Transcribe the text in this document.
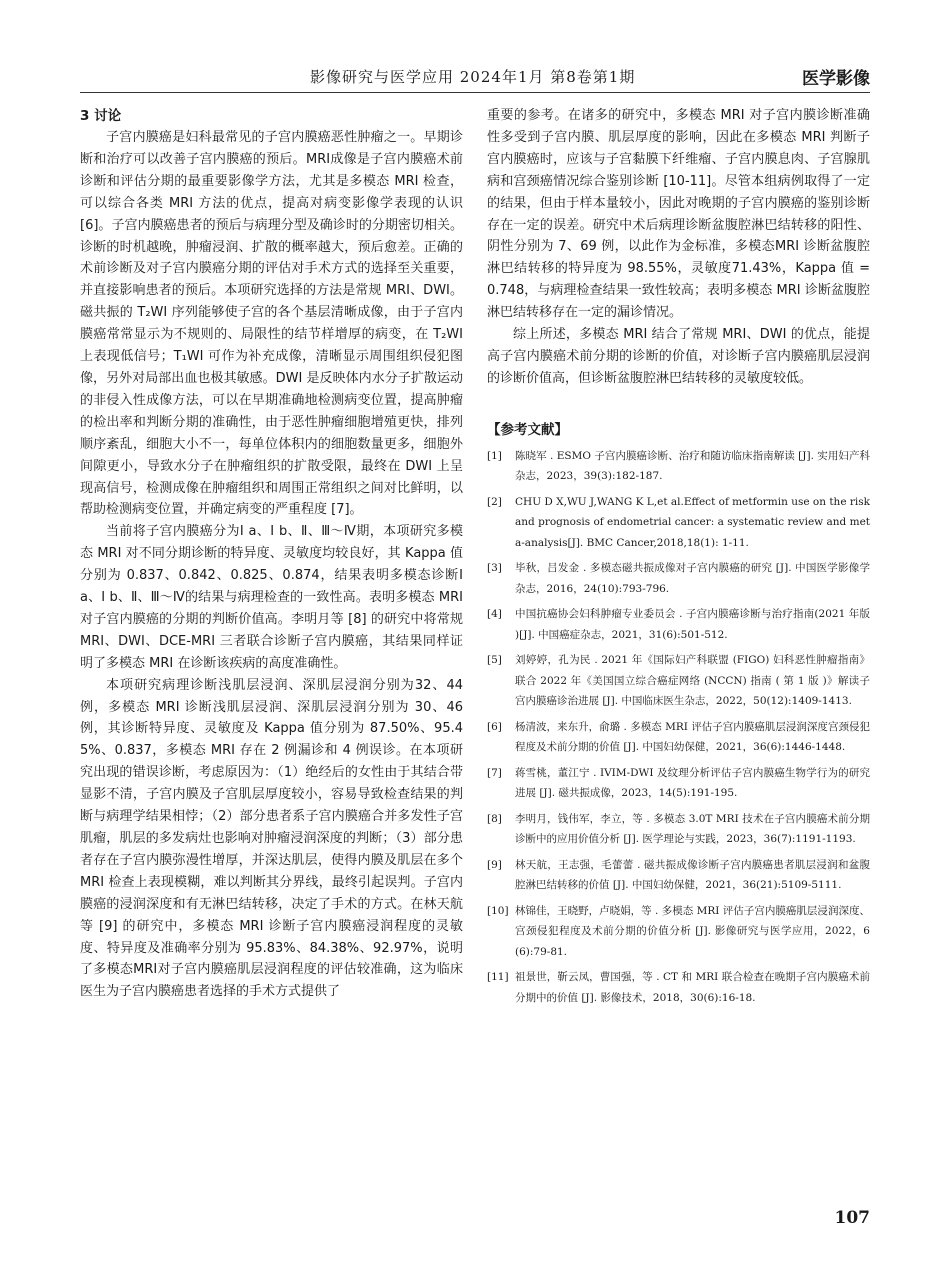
影像研究与医学应用 2024年1月 第8卷第1期	医学影像

3 讨论

子宫内膜癌是妇科最常见的子宫内膜癌恶性肿瘤之一。早期诊断和治疗可以改善子宫内膜癌的预后。MRI成像是子宫内膜癌术前诊断和评估分期的最重要影像学方法，尤其是多模态 MRI 检查，可以综合各类 MRI 方法的优点，提高对病变影像学表现的认识 [6]。子宫内膜癌患者的预后与病理分型及确诊时的分期密切相关。诊断的时机越晚，肿瘤浸润、扩散的概率越大，预后愈差。正确的术前诊断及对子宫内膜癌分期的评估对手术方式的选择至关重要，并直接影响患者的预后。本项研究选择的方法是常规 MRI、DWI。磁共振的 T₂WI 序列能够使子宫的各个基层清晰成像，由于子宫内膜癌常常显示为不规则的、局限性的结节样增厚的病变，在 T₂WI 上表现低信号；T₁WI 可作为补充成像，清晰显示周围组织侵犯图像，另外对局部出血也极其敏感。DWI 是反映体内水分子扩散运动的非侵入性成像方法，可以在早期准确地检测病变位置，提高肿瘤的检出率和判断分期的准确性，由于恶性肿瘤细胞增殖更快，排列顺序紊乱，细胞大小不一，每单位体积内的细胞数量更多，细胞外间隙更小，导致水分子在肿瘤组织的扩散受限，最终在 DWI 上呈现高信号，检测成像在肿瘤组织和周围正常组织之间对比鲜明，以帮助检测病变位置，并确定病变的严重程度 [7]。

当前将子宫内膜癌分为Ⅰ a、Ⅰ b、Ⅱ、Ⅲ～Ⅳ期，本项研究多模态 MRI 对不同分期诊断的特异度、灵敏度均较良好，其 Kappa 值分别为 0.837、0.842、0.825、0.874，结果表明多模态诊断Ⅰ a、Ⅰ b、Ⅱ、Ⅲ～Ⅳ的结果与病理检查的一致性高。表明多模态 MRI 对子宫内膜癌的分期的判断价值高。李明月等 [8] 的研究中将常规MRI、DWI、DCE-MRI 三者联合诊断子宫内膜癌，其结果同样证明了多模态 MRI 在诊断该疾病的高度准确性。

本项研究病理诊断浅肌层浸润、深肌层浸润分别为32、44 例，多模态 MRI 诊断浅肌层浸润、深肌层浸润分别为 30、46 例，其诊断特异度、灵敏度及 Kappa 值分别为 87.50%、95.45%、0.837，多模态 MRI 存在 2 例漏诊和 4 例误诊。在本项研究出现的错误诊断，考虑原因为：（1）绝经后的女性由于其结合带显影不清，子宫内膜及子宫肌层厚度较小，容易导致检查结果的判断与病理学结果相悖；（2）部分患者系子宫内膜癌合并多发性子宫肌瘤，肌层的多发病灶也影响对肿瘤浸润深度的判断；（3）部分患者存在子宫内膜弥漫性增厚，并深达肌层，使得内膜及肌层在多个 MRI 检查上表现模糊，难以判断其分界线，最终引起误判。子宫内膜癌的浸润深度和有无淋巴结转移，决定了手术的方式。在林天航等 [9] 的研究中，多模态 MRI 诊断子宫内膜癌浸润程度的灵敏度、特异度及准确率分别为 95.83%、84.38%、92.97%，说明了多模态MRI对子宫内膜癌肌层浸润程度的评估较准确，这为临床医生为子宫内膜癌患者选择的手术方式提供了

重要的参考。在诸多的研究中，多模态 MRI 对子宫内膜诊断准确性多受到子宫内膜、肌层厚度的影响，因此在多模态 MRI 判断子宫内膜癌时，应该与子宫黏膜下纤维瘤、子宫内膜息肉、子宫腺肌病和宫颈癌情况综合鉴别诊断 [10-11]。尽管本组病例取得了一定的结果，但由于样本量较小，因此对晚期的子宫内膜癌的鉴别诊断存在一定的误差。研究中术后病理诊断盆腹腔淋巴结转移的阳性、阴性分别为 7、69 例，以此作为金标准，多模态MRI 诊断盆腹腔淋巴结转移的特异度为 98.55%，灵敏度71.43%，Kappa 值 =0.748，与病理检查结果一致性较高；表明多模态 MRI 诊断盆腹腔淋巴结转移存在一定的漏诊情况。

综上所述，多模态 MRI 结合了常规 MRI、DWI 的优点，能提高子宫内膜癌术前分期的诊断的价值，对诊断子宫内膜癌肌层浸润的诊断价值高，但诊断盆腹腔淋巴结转移的灵敏度较低。

【参考文献】

[1] 陈晓军 . ESMO 子宫内膜癌诊断、治疗和随访临床指南解读 [J]. 实用妇产科杂志，2023，39(3):182-187.

[2] CHU D X,WU J,WANG K L,et al.Effect of metformin use on the risk and prognosis of endometrial cancer: a systematic review and meta-analysis[J]. BMC Cancer,2018,18(1): 1-11.

[3] 毕秋，吕发金 . 多模态磁共振成像对子宫内膜癌的研究 [J]. 中国医学影像学杂志，2016，24(10):793-796.

[4] 中国抗癌协会妇科肿瘤专业委员会 . 子宫内膜癌诊断与治疗指南(2021 年版 )[J]. 中国癌症杂志，2021，31(6):501-512.

[5] 刘婷婷，孔为民 . 2021 年《国际妇产科联盟 (FIGO) 妇科恶性肿瘤指南》联合 2022 年《美国国立综合癌症网络 (NCCN) 指南 ( 第 1 版 )》解读子宫内膜癌诊治进展 [J]. 中国临床医生杂志，2022，50(12):1409-1413.

[6] 杨清波，来东升，俞璐 . 多模态 MRI 评估子宫内膜癌肌层浸润深度宫颈侵犯程度及术前分期的价值 [J]. 中国妇幼保健，2021，36(6):1446-1448.

[7] 蒋雪桃，董江宁 . IVIM-DWI 及纹理分析评估子宫内膜癌生物学行为的研究进展 [J]. 磁共振成像，2023，14(5):191-195.

[8] 李明月，钱伟军，李立，等 . 多模态 3.0T MRI 技术在子宫内膜癌术前分期诊断中的应用价值分析 [J]. 医学理论与实践，2023，36(7):1191-1193.

[9] 林天航，王志强，毛蕾蕾 . 磁共振成像诊断子宫内膜癌患者肌层浸润和盆腹腔淋巴结转移的价值 [J]. 中国妇幼保健，2021，36(21):5109-5111.

[10] 林锦佳，王晓野，卢晓娟，等 . 多模态 MRI 评估子宫内膜癌肌层浸润深度、宫颈侵犯程度及术前分期的价值分析 [J]. 影像研究与医学应用，2022，6(6):79-81.

[11] 祖景世，靳云凤，曹国强，等 . CT 和 MRI 联合检查在晚期子宫内膜癌术前分期中的价值 [J]. 影像技术，2018，30(6):16-18.

107
